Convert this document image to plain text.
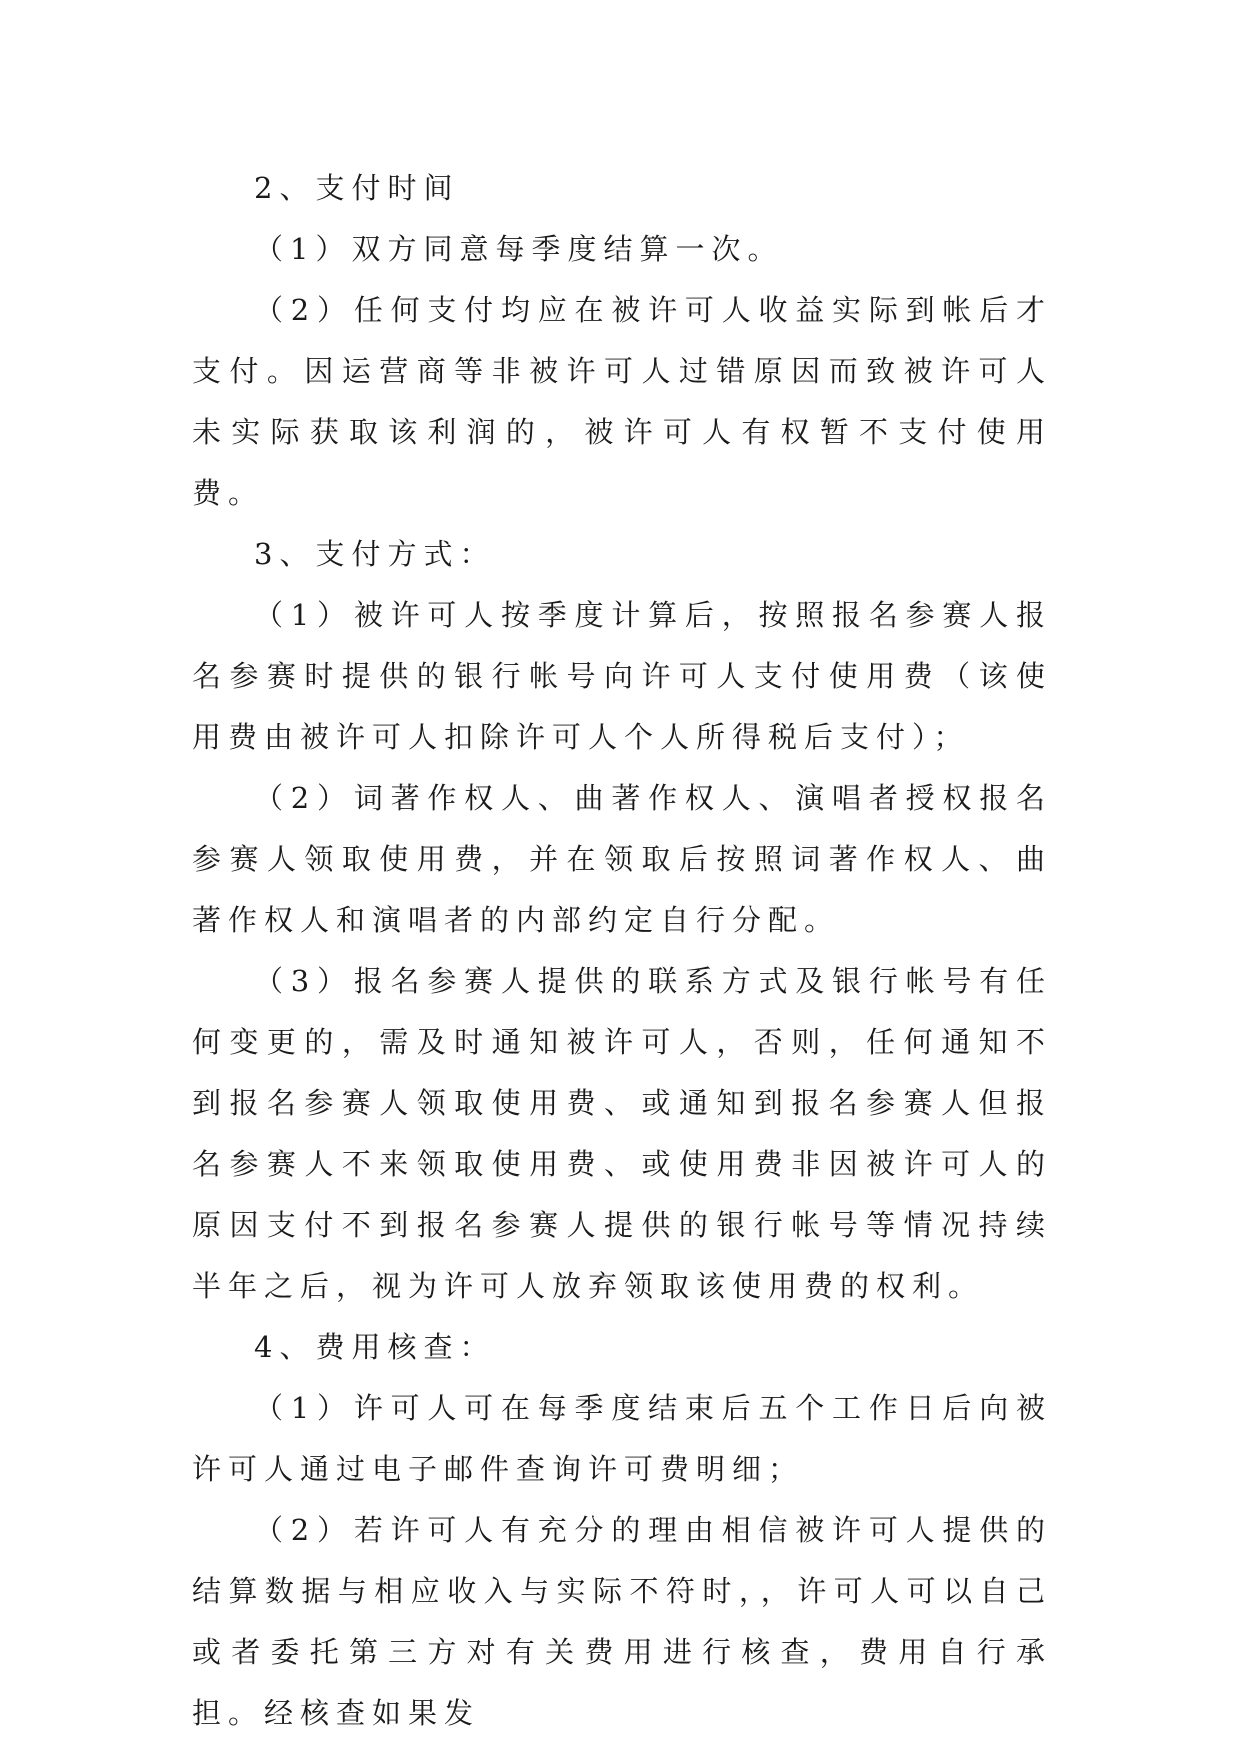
2、支付时间

（1）双方同意每季度结算一次。

（2）任何支付均应在被许可人收益实际到帐后才支付。因运营商等非被许可人过错原因而致被许可人未实际获取该利润的，被许可人有权暂不支付使用费。

3、支付方式：

（1）被许可人按季度计算后，按照报名参赛人报名参赛时提供的银行帐号向许可人支付使用费（该使用费由被许可人扣除许可人个人所得税后支付）；

（2）词著作权人、曲著作权人、演唱者授权报名参赛人领取使用费，并在领取后按照词著作权人、曲著作权人和演唱者的内部约定自行分配。

（3）报名参赛人提供的联系方式及银行帐号有任何变更的，需及时通知被许可人，否则，任何通知不到报名参赛人领取使用费、或通知到报名参赛人但报名参赛人不来领取使用费、或使用费非因被许可人的原因支付不到报名参赛人提供的银行帐号等情况持续半年之后，视为许可人放弃领取该使用费的权利。

4、费用核查：

（1）许可人可在每季度结束后五个工作日后向被许可人通过电子邮件查询许可费明细；

（2）若许可人有充分的理由相信被许可人提供的结算数据与相应收入与实际不符时，，许可人可以自己或者委托第三方对有关费用进行核查，费用自行承担。经核查如果发
